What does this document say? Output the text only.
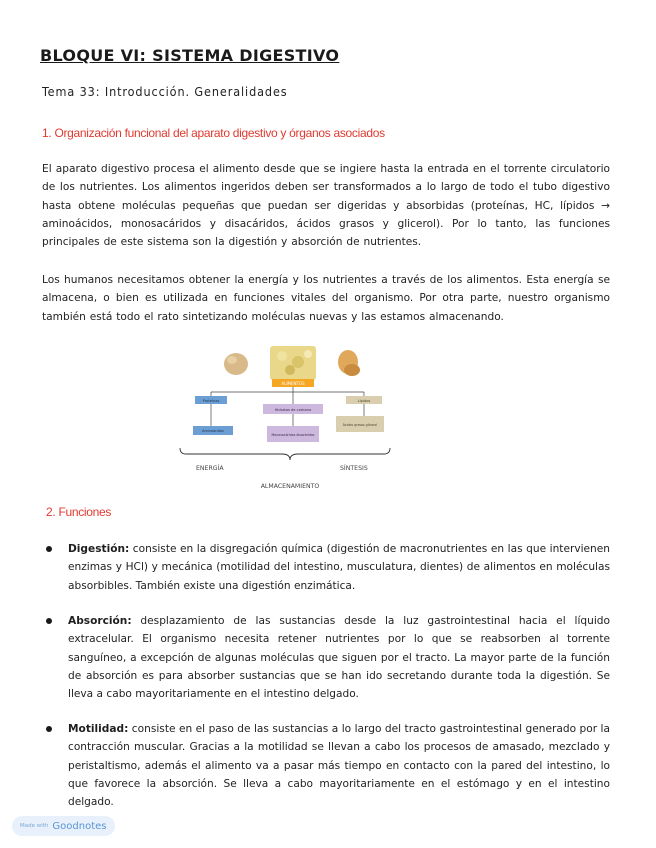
BLOQUE VI: SISTEMA DIGESTIVO
Tema 33: Introducción. Generalidades
1. Organización funcional del aparato digestivo y órganos asociados
El aparato digestivo procesa el alimento desde que se ingiere hasta la entrada en el torrente circulatorio de los nutrientes. Los alimentos ingeridos deben ser transformados a lo largo de todo el tubo digestivo hasta obtene moléculas pequeñas que puedan ser digeridas y absorbidas (proteínas, HC, lípidos → aminoácidos, monosacáridos y disacáridos, ácidos grasos y glicerol). Por lo tanto, las funciones principales de este sistema son la digestión y absorción de nutrientes.
Los humanos necesitamos obtener la energía y los nutrientes a través de los alimentos. Esta energía se almacena, o bien es utilizada en funciones vitales del organismo. Por otra parte, nuestro organismo también está todo el rato sintetizando moléculas nuevas y las estamos almacenando.
ALIMENTOS
Proteínas
Hidratos de carbono
Lípidos
Aminoácidos
Monosacáridos disacáridos
Ácidos grasos glicerol
ENERGÍA	SÍNTESIS
ALMACENAMIENTO
2. Funciones
Digestión: consiste en la disgregación química (digestión de macronutrientes en las que intervienen enzimas y HCl) y mecánica (motilidad del intestino, musculatura, dientes) de alimentos en moléculas absorbibles. También existe una digestión enzimática.
Absorción: desplazamiento de las sustancias desde la luz gastrointestinal hacia el líquido extracelular. El organismo necesita retener nutrientes por lo que se reabsorben al torrente sanguíneo, a excepción de algunas moléculas que siguen por el tracto. La mayor parte de la función de absorción es para absorber sustancias que se han ido secretando durante toda la digestión. Se lleva a cabo mayoritariamente en el intestino delgado.
Motilidad: consiste en el paso de las sustancias a lo largo del tracto gastrointestinal generado por la contracción muscular. Gracias a la motilidad se llevan a cabo los procesos de amasado, mezclado y peristaltismo, además el alimento va a pasar más tiempo en contacto con la pared del intestino, lo que favorece la absorción. Se lleva a cabo mayoritariamente en el estómago y en el intestino delgado.
Made with Goodnotes
